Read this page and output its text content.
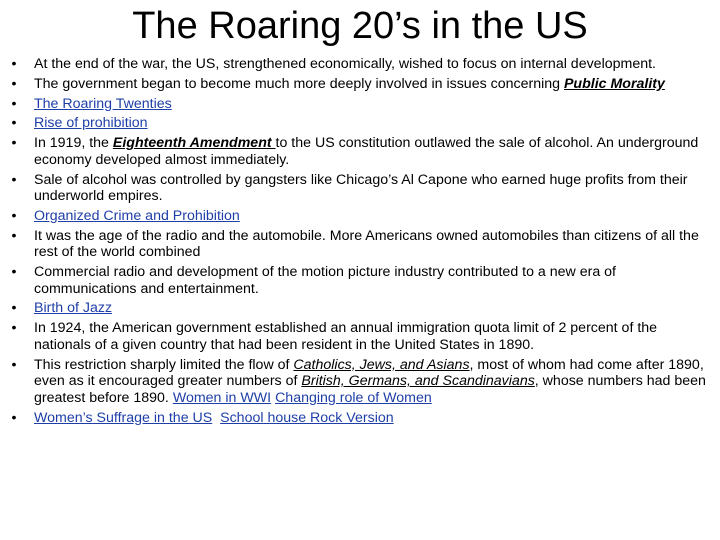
The Roaring 20’s in the US
• At the end of the war, the US, strengthened economically, wished to focus on internal development.
• The government began to become much more deeply involved in issues concerning Public Morality
• The Roaring Twenties
• Rise of prohibition
• In 1919, the Eighteenth Amendment to the US constitution outlawed the sale of alcohol. An underground economy developed almost immediately.
• Sale of alcohol was controlled by gangsters like Chicago’s Al Capone who earned huge profits from their underworld empires.
• Organized Crime and Prohibition
• It was the age of the radio and the automobile. More Americans owned automobiles than citizens of all the rest of the world combined
• Commercial radio and development of the motion picture industry contributed to a new era of communications and entertainment.
• Birth of Jazz
• In 1924, the American government established an annual immigration quota limit of 2 percent of the nationals of a given country that had been resident in the United States in 1890.
• This restriction sharply limited the flow of Catholics, Jews, and Asians, most of whom had come after 1890, even as it encouraged greater numbers of British, Germans, and Scandinavians, whose numbers had been greatest before 1890. Women in WWI Changing role of Women
• Women’s Suffrage in the US School house Rock Version
